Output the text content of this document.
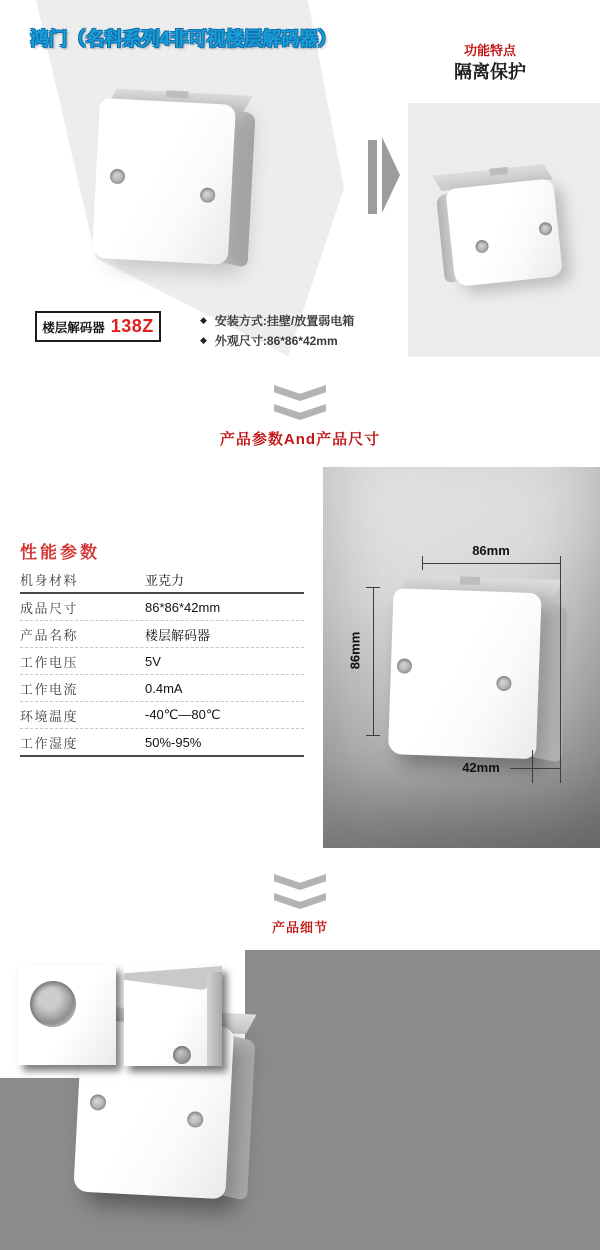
鸿门（名科系列4非可视楼层解码器）
功能特点
隔离保护
楼层解码器 138Z	◆ 安装方式:挂壁/放置弱电箱
◆ 外观尺寸:86*86*42mm
产品参数And产品尺寸
性能参数
机身材料	亚克力
成品尺寸	86*86*42mm
产品名称	楼层解码器
工作电压	5V
工作电流	0.4mA
环境温度	-40℃—80℃
工作湿度	50%-95%
86mm
86mm
42mm
产品细节
